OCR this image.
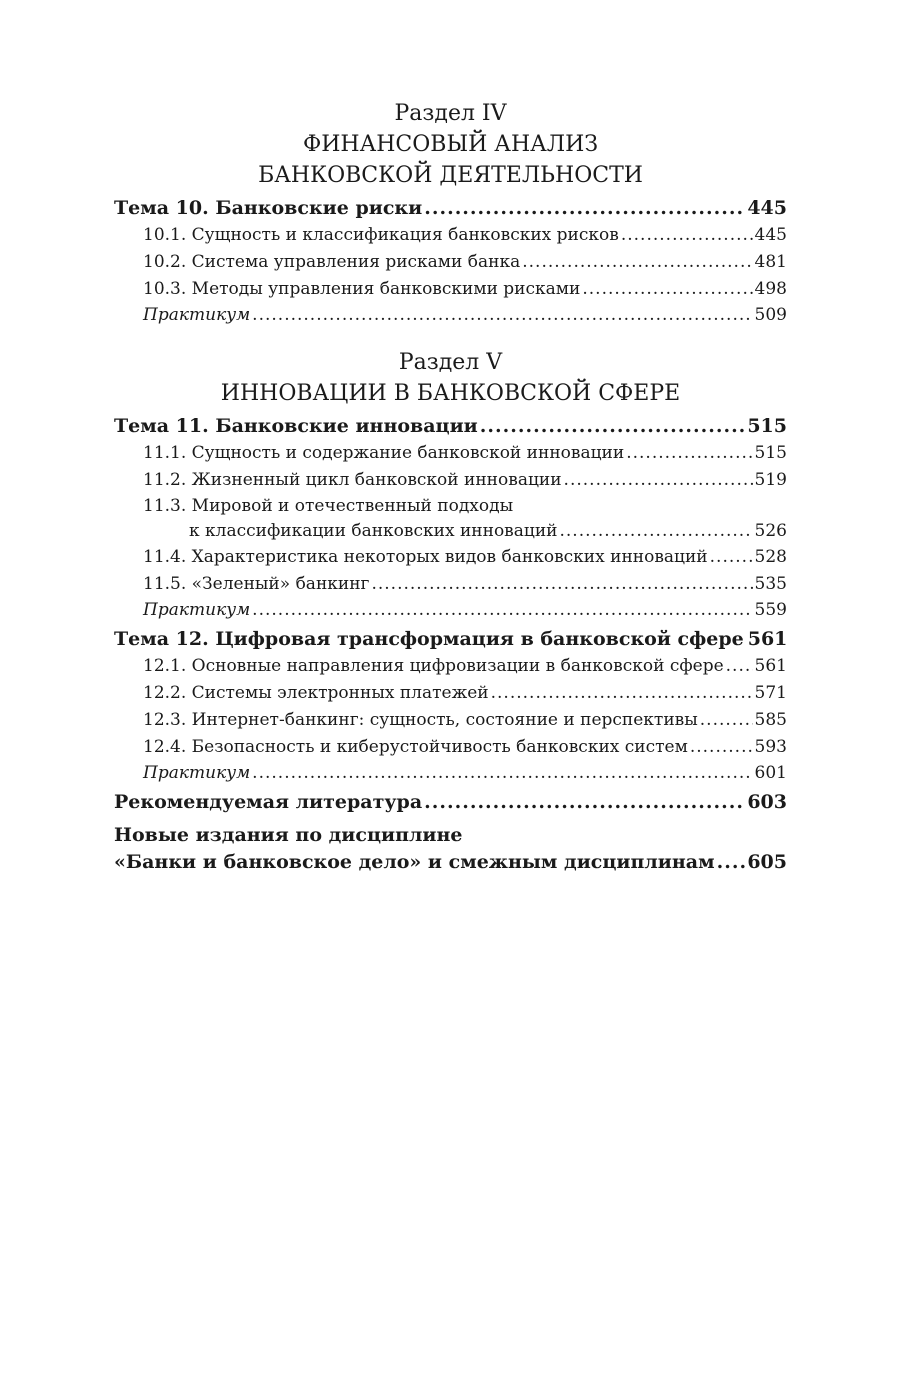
Раздел IV

ФИНАНСОВЫЙ АНАЛИЗ

БАНКОВСКОЙ ДЕЯТЕЛЬНОСТИ

Тема 10. Банковские риски .....	445
10.1. Сущность и классификация банковских рисков .....	445
10.2. Система управления рисками банка .....	481
10.3. Методы управления банковскими рисками .....	498
Практикум .....	509

Раздел V

ИННОВАЦИИ В БАНКОВСКОЙ СФЕРЕ

Тема 11. Банковские инновации .....	515
11.1. Сущность и содержание банковской инновации .....	515
11.2. Жизненный цикл банковской инновации .....	519
11.3. Мировой и отечественный подходы
к классификации банковских инноваций .....	526
11.4. Характеристика некоторых видов банковских инноваций .....	528
11.5. «Зеленый» банкинг .....	535
Практикум .....	559
Тема 12. Цифровая трансформация в банковской сфере 561
12.1. Основные направления цифровизации в банковской сфере ..... 561
12.2. Системы электронных платежей .....	571
12.3. Интернет-банкинг: сущность, состояние и перспективы .....	585
12.4. Безопасность и киберустойчивость банковских систем .....	593
Практикум .....	601
Рекомендуемая литература .....	603
Новые издания по дисциплине
«Банки и банковское дело» и смежным дисциплинам ..... 605
